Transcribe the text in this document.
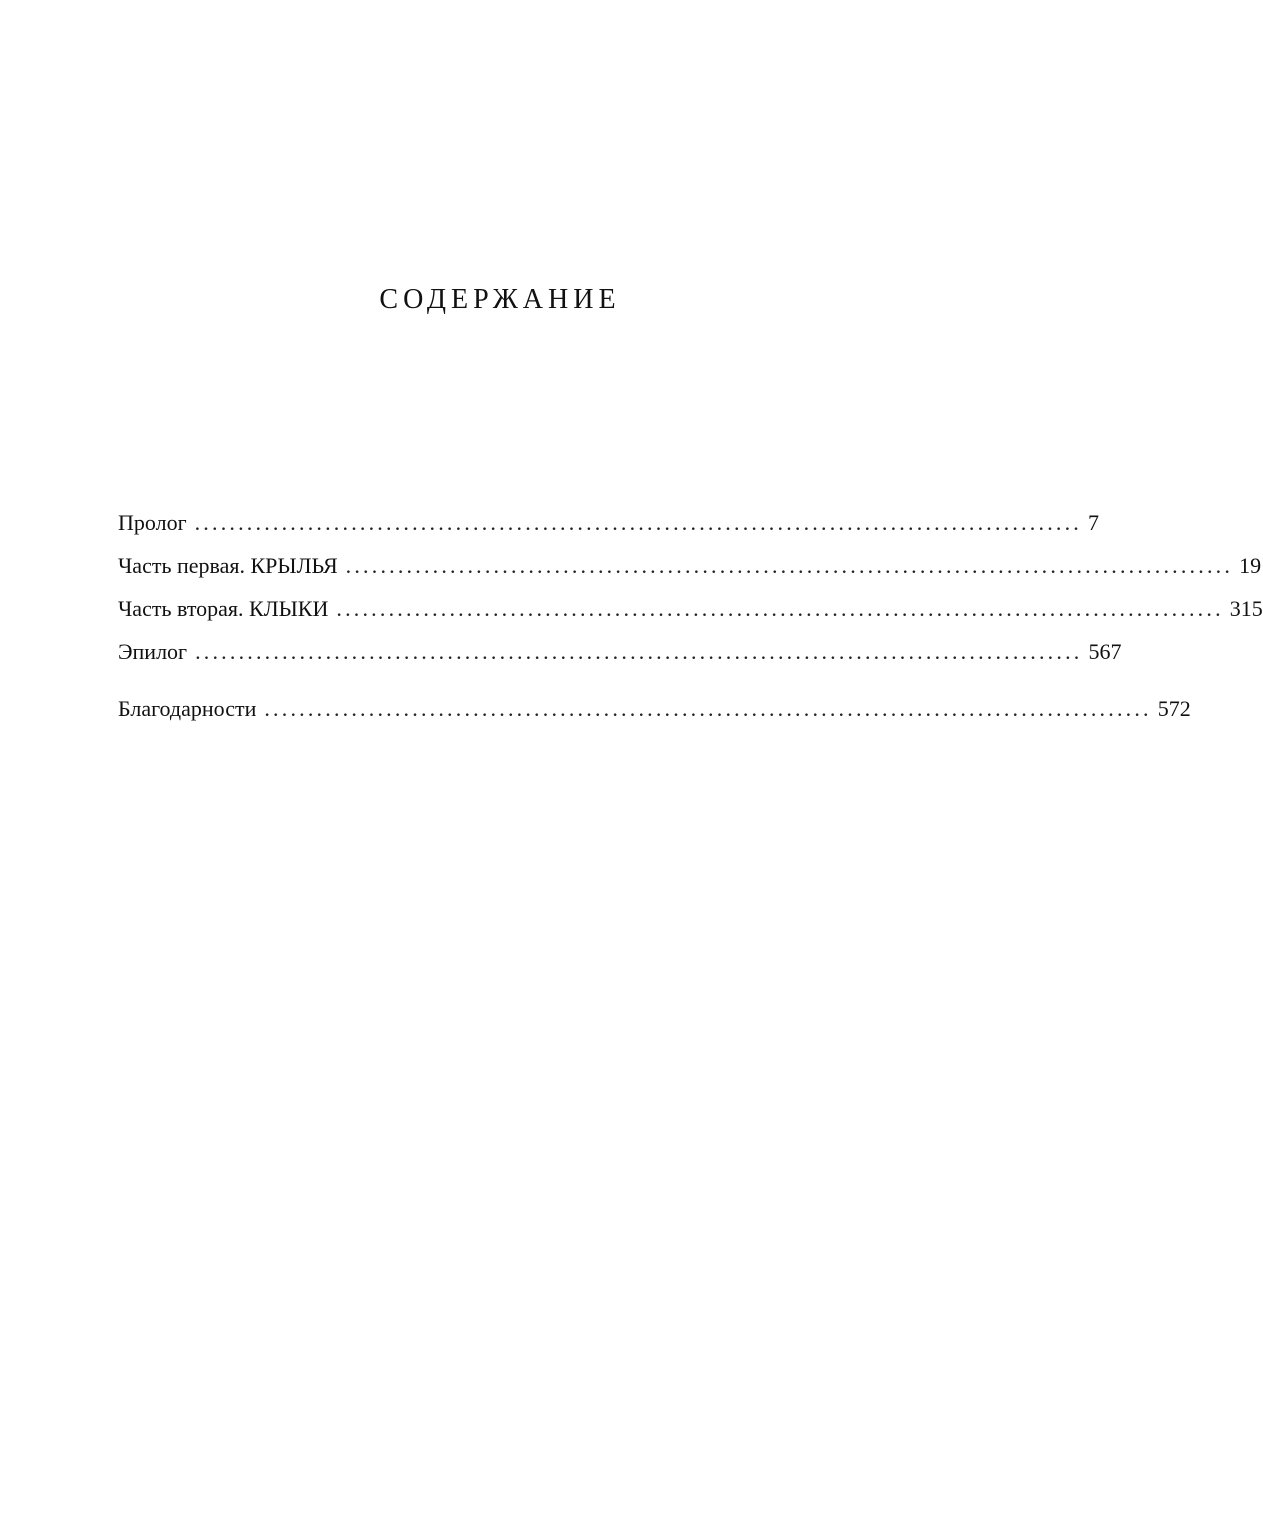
СОДЕРЖАНИЕ
Пролог ...................................................................................................... 7
Часть первая. КРЫЛЬЯ ...................................................................................................... 19
Часть вторая. КЛЫКИ ...................................................................................................... 315
Эпилог ...................................................................................................... 567
Благодарности ...................................................................................................... 572
